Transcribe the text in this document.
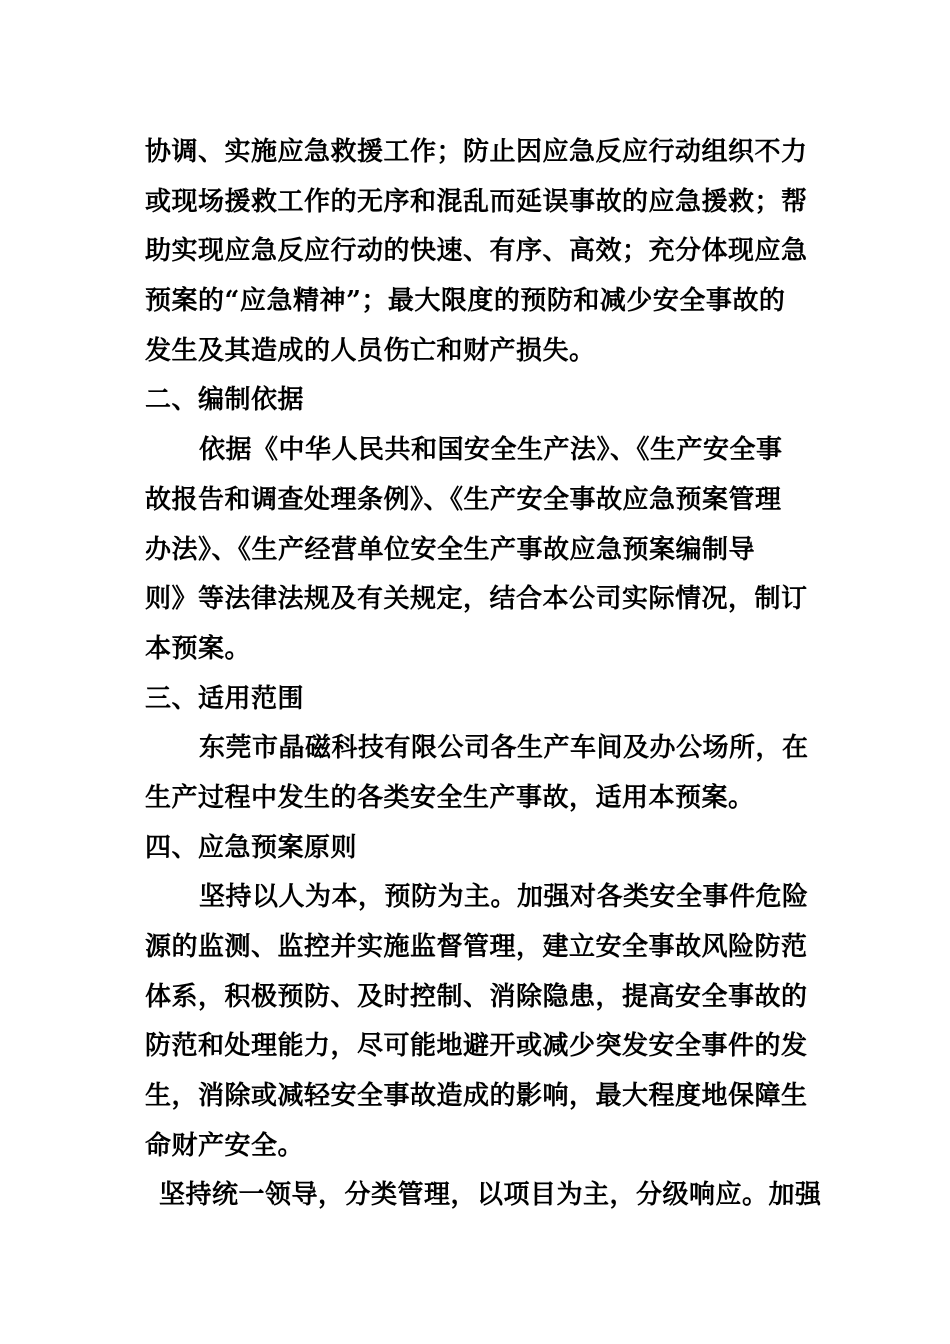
协调、实施应急救援工作；防止因应急反应行动组织不力
或现场援救工作的无序和混乱而延误事故的应急援救；帮
助实现应急反应行动的快速、有序、高效；充分体现应急
预案的“应急精神”；最大限度的预防和减少安全事故的
发生及其造成的人员伤亡和财产损失。
二、编制依据
依据《中华人民共和国安全生产法》、《生产安全事
故报告和调查处理条例》、《生产安全事故应急预案管理
办法》、《生产经营单位安全生产事故应急预案编制导
则》等法律法规及有关规定，结合本公司实际情况，制订
本预案。
三、适用范围
东莞市晶磁科技有限公司各生产车间及办公场所，在
生产过程中发生的各类安全生产事故，适用本预案。
四、应急预案原则
坚持以人为本，预防为主。加强对各类安全事件危险
源的监测、监控并实施监督管理，建立安全事故风险防范
体系，积极预防、及时控制、消除隐患，提高安全事故的
防范和处理能力，尽可能地避开或减少突发安全事件的发
生，消除或减轻安全事故造成的影响，最大程度地保障生
命财产安全。
坚持统一领导，分类管理，以项目为主，分级响应。加强
